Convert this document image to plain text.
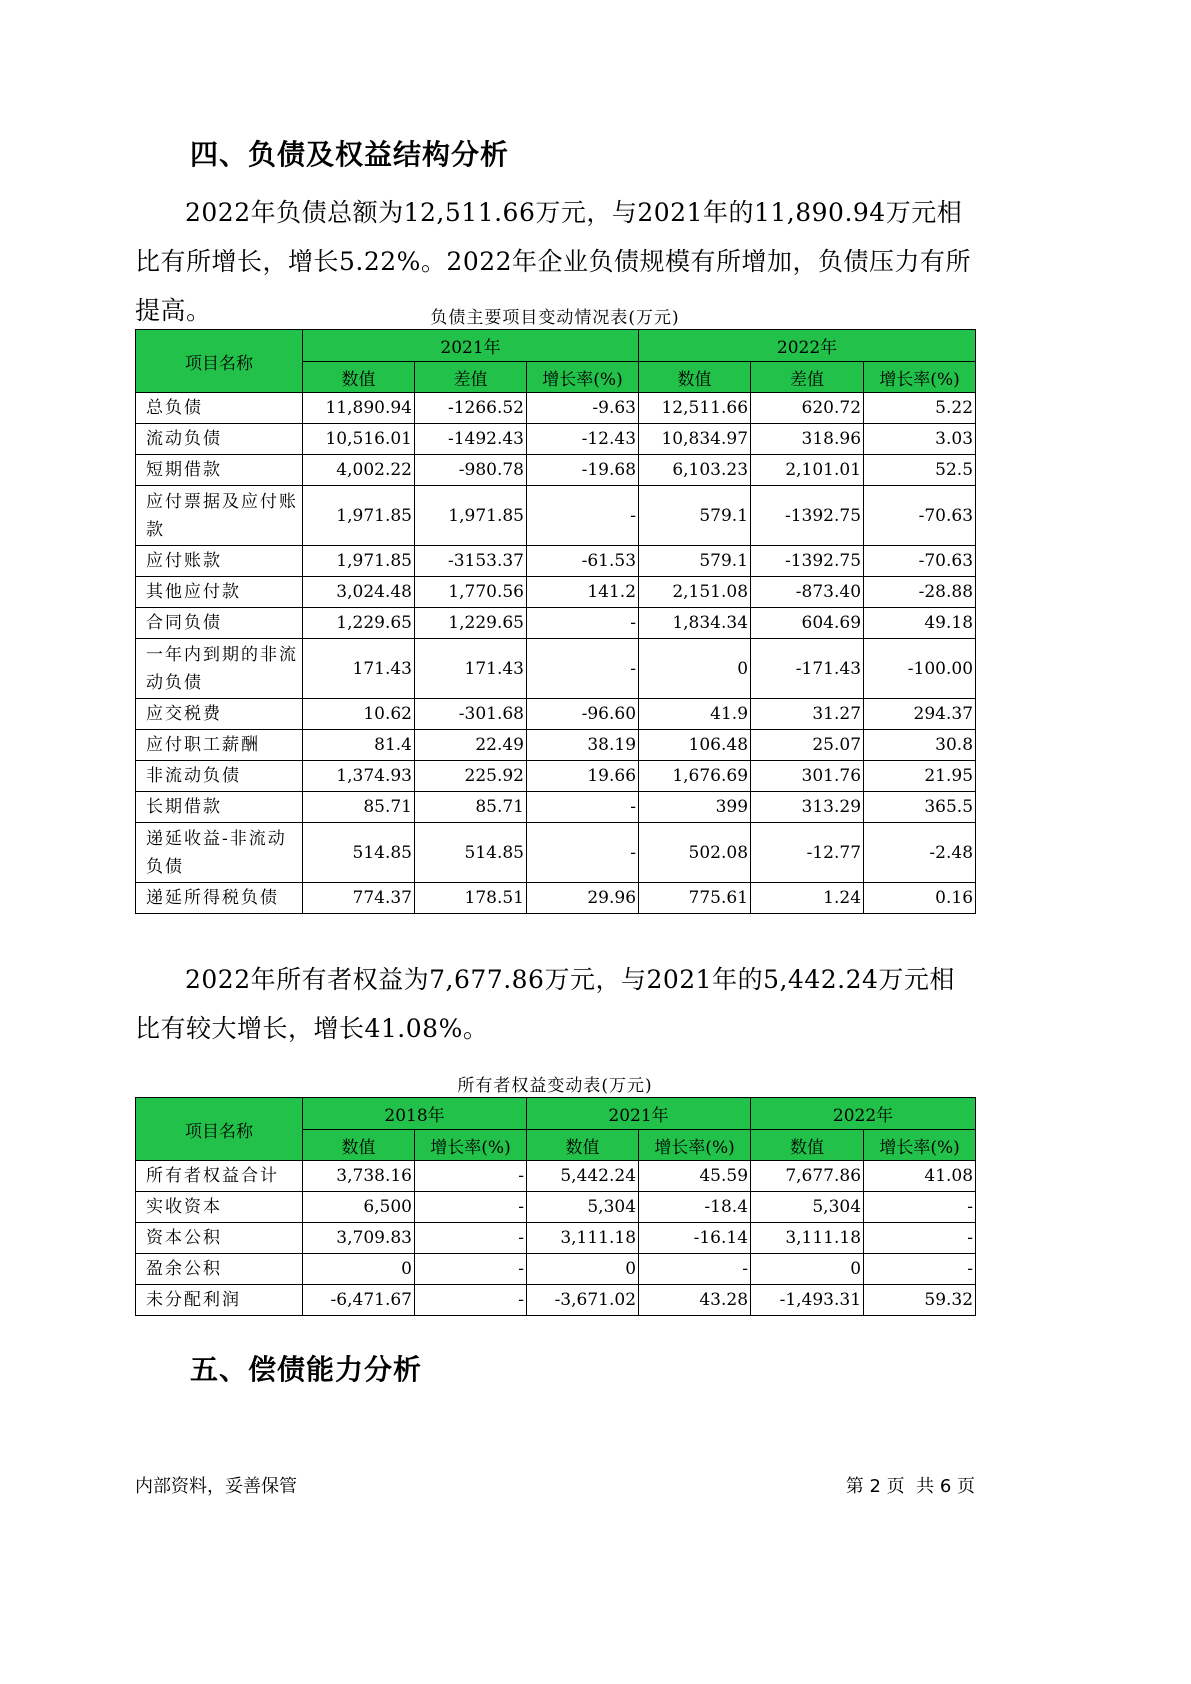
四、负债及权益结构分析
2022年负债总额为12,511.66万元，与2021年的11,890.94万元相比有所增长，增长5.22%。2022年企业负债规模有所增加，负债压力有所提高。	负债主要项目变动情况表(万元)
项目名称	2021年			2022年		
	数值	差值	增长率(%)	数值	差值	增长率(%)
总负债	11,890.94	-1266.52	-9.63	12,511.66	620.72	5.22
流动负债	10,516.01	-1492.43	-12.43	10,834.97	318.96	3.03
短期借款	4,002.22	-980.78	-19.68	6,103.23	2,101.01	52.5
应付票据及应付账款	1,971.85	1,971.85	-	579.1	-1392.75	-70.63
应付账款	1,971.85	-3153.37	-61.53	579.1	-1392.75	-70.63
其他应付款	3,024.48	1,770.56	141.2	2,151.08	-873.40	-28.88
合同负债	1,229.65	1,229.65	-	1,834.34	604.69	49.18
一年内到期的非流动负债	171.43	171.43	-	0	-171.43	-100.00
应交税费	10.62	-301.68	-96.60	41.9	31.27	294.37
应付职工薪酬	81.4	22.49	38.19	106.48	25.07	30.8
非流动负债	1,374.93	225.92	19.66	1,676.69	301.76	21.95
长期借款	85.71	85.71	-	399	313.29	365.5
递延收益-非流动负债	514.85	514.85	-	502.08	-12.77	-2.48
递延所得税负债	774.37	178.51	29.96	775.61	1.24	0.16
2022年所有者权益为7,677.86万元，与2021年的5,442.24万元相比有较大增长，增长41.08%。
所有者权益变动表(万元)
项目名称	2018年		2021年		2022年	
	数值	增长率(%)	数值	增长率(%)	数值	增长率(%)
所有者权益合计	3,738.16	-	5,442.24	45.59	7,677.86	41.08
实收资本	6,500	-	5,304	-18.4	5,304	-
资本公积	3,709.83	-	3,111.18	-16.14	3,111.18	-
盈余公积	0	-	0	-	0	-
未分配利润	-6,471.67	-	-3,671.02	43.28	-1,493.31	59.32
五、偿债能力分析
内部资料，妥善保管	第 2 页  共 6 页
